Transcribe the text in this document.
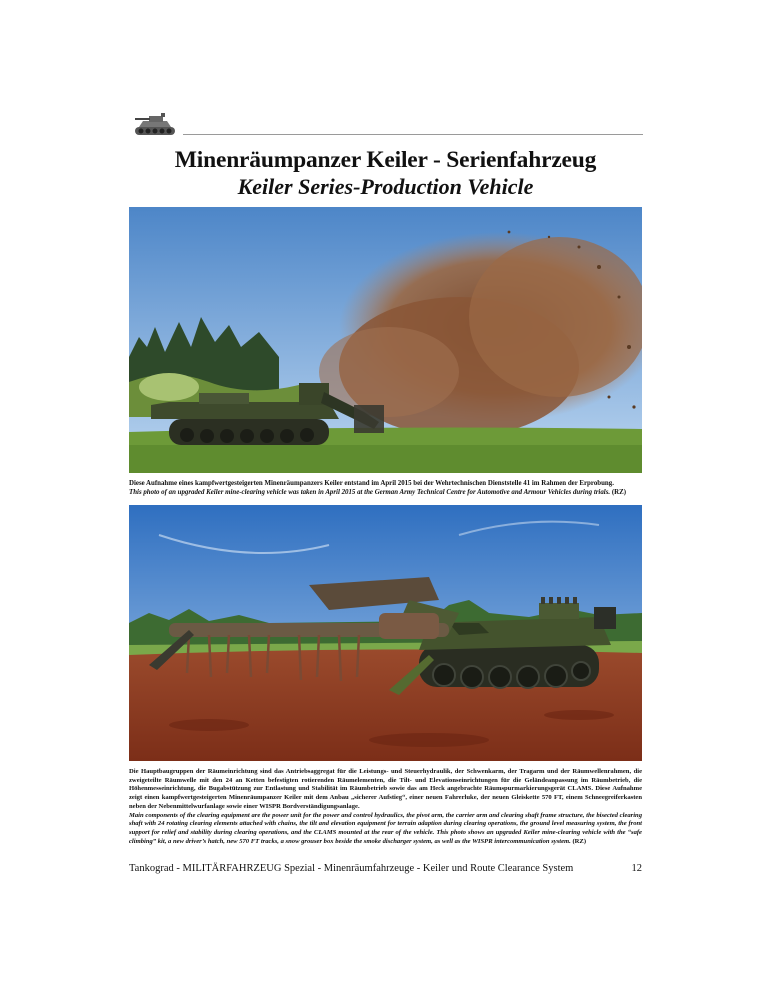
Minenräumpanzer Keiler - Serienfahrzeug
Keiler Series-Production Vehicle

Diese Aufnahme eines kampfwertgesteigerten Minenräumpanzers Keiler entstand im April 2015 bei der Wehrtechnischen Dienststelle 41 im Rahmen der Erprobung.

This photo of an upgraded Keiler mine-clearing vehicle was taken in April 2015 at the German Army Technical Centre for Automotive and Armour Vehicles during trials. (RZ)

Die Hauptbaugruppen der Räumeinrichtung sind das Antriebsaggregat für die Leistungs- und Steuerhydraulik, der Schwenkarm, der Tragarm und der Räumwellenrahmen, die zweigeteilte Räumwelle mit den 24 an Ketten befestigten rotierenden Räumelementen, die Tilt- und Elevationseinrichtungen für die Geländeanpassung im Räumbetrieb, die Höhenmesseinrichtung, die Bugabstützung zur Entlastung und Stabilität im Räumbetrieb sowie das am Heck angebrachte Räumspurmarkierungsgerät CLAMS. Diese Aufnahme zeigt einen kampfwertgesteigerten Minenräumpanzer Keiler mit dem Anbau „sicherer Aufstieg“, einer neuen Fahrerluke, der neuen Gleiskette 570 FT, einem Schneegreiferkasten neben der Nebenmittelwurfanlage sowie einer WISPR Bordverständigungsanlage.

Main components of the clearing equipment are the power unit for the power and control hydraulics, the pivot arm, the carrier arm and clearing shaft frame structure, the bisected clearing shaft with 24 rotating clearing elements attached with chains, the tilt and elevation equipment for terrain adaption during clearing operations, the ground level measuring system, the front support for relief and stability during clearing operations, and the CLAMS mounted at the rear of the vehicle. This photo shows an upgraded Keiler mine-clearing vehicle with the “safe climbing” kit, a new driver’s hatch, new 570 FT tracks, a snow grouser box beside the smoke discharger system, as well as the WISPR intercommunication system. (RZ)

Tankograd - MILITÄRFAHRZEUG Spezial - Minenräumfahrzeuge - Keiler und Route Clearance System	12
